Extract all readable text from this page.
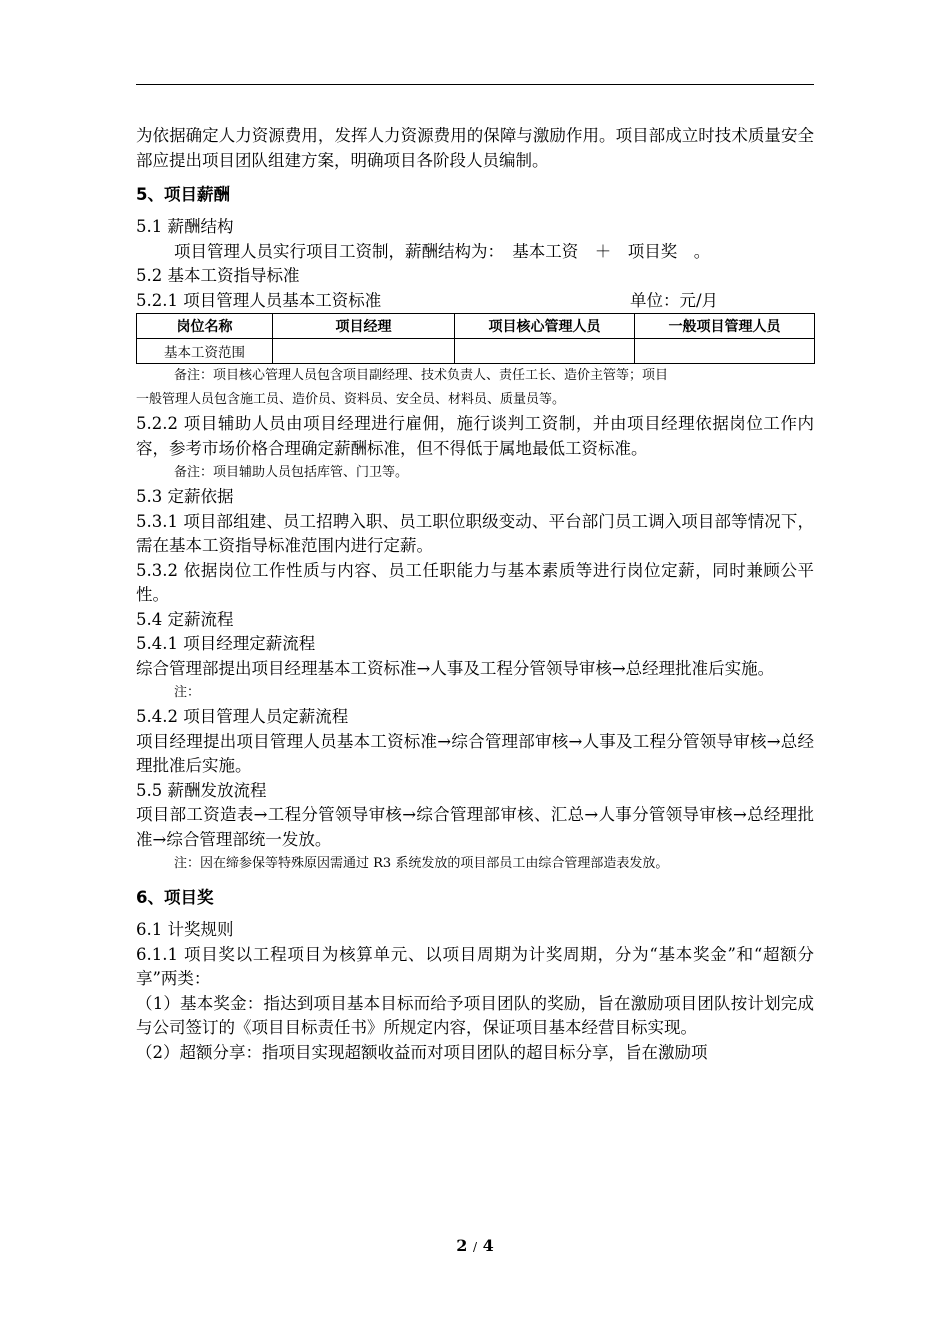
为依据确定人力资源费用，发挥人力资源费用的保障与激励作用。项目部成立时技术质量安全部应提出项目团队组建方案，明确项目各阶段人员编制。

5、项目薪酬

5.1 薪酬结构

项目管理人员实行项目工资制，薪酬结构为：　基本工资　＋　项目奖　。

5.2 基本工资指导标准

5.2.1 项目管理人员基本工资标准	单位：元/月
岗位名称	项目经理	项目核心管理人员	一般项目管理人员
基本工资范围			

备注：项目核心管理人员包含项目副经理、技术负责人、责任工长、造价主管等；项目

一般管理人员包含施工员、造价员、资料员、安全员、材料员、质量员等。

5.2.2 项目辅助人员由项目经理进行雇佣，施行谈判工资制，并由项目经理依据岗位工作内容，参考市场价格合理确定薪酬标准，但不得低于属地最低工资标准。

备注：项目辅助人员包括库管、门卫等。

5.3 定薪依据

5.3.1 项目部组建、员工招聘入职、员工职位职级变动、平台部门员工调入项目部等情况下，需在基本工资指导标准范围内进行定薪。

5.3.2 依据岗位工作性质与内容、员工任职能力与基本素质等进行岗位定薪，同时兼顾公平性。

5.4 定薪流程

5.4.1 项目经理定薪流程

综合管理部提出项目经理基本工资标准→人事及工程分管领导审核→总经理批准后实施。

注：

5.4.2 项目管理人员定薪流程

项目经理提出项目管理人员基本工资标准→综合管理部审核→人事及工程分管领导审核→总经理批准后实施。

5.5 薪酬发放流程

项目部工资造表→工程分管领导审核→综合管理部审核、汇总→人事分管领导审核→总经理批准→综合管理部统一发放。

注：因在缔参保等特殊原因需通过 R3 系统发放的项目部员工由综合管理部造表发放。

6、项目奖

6.1 计奖规则

6.1.1 项目奖以工程项目为核算单元、以项目周期为计奖周期，分为“基本奖金”和“超额分享”两类：

（1）基本奖金：指达到项目基本目标而给予项目团队的奖励，旨在激励项目团队按计划完成与公司签订的《项目目标责任书》所规定内容，保证项目基本经营目标实现。

（2）超额分享：指项目实现超额收益而对项目团队的超目标分享，旨在激励项

2 / 4
